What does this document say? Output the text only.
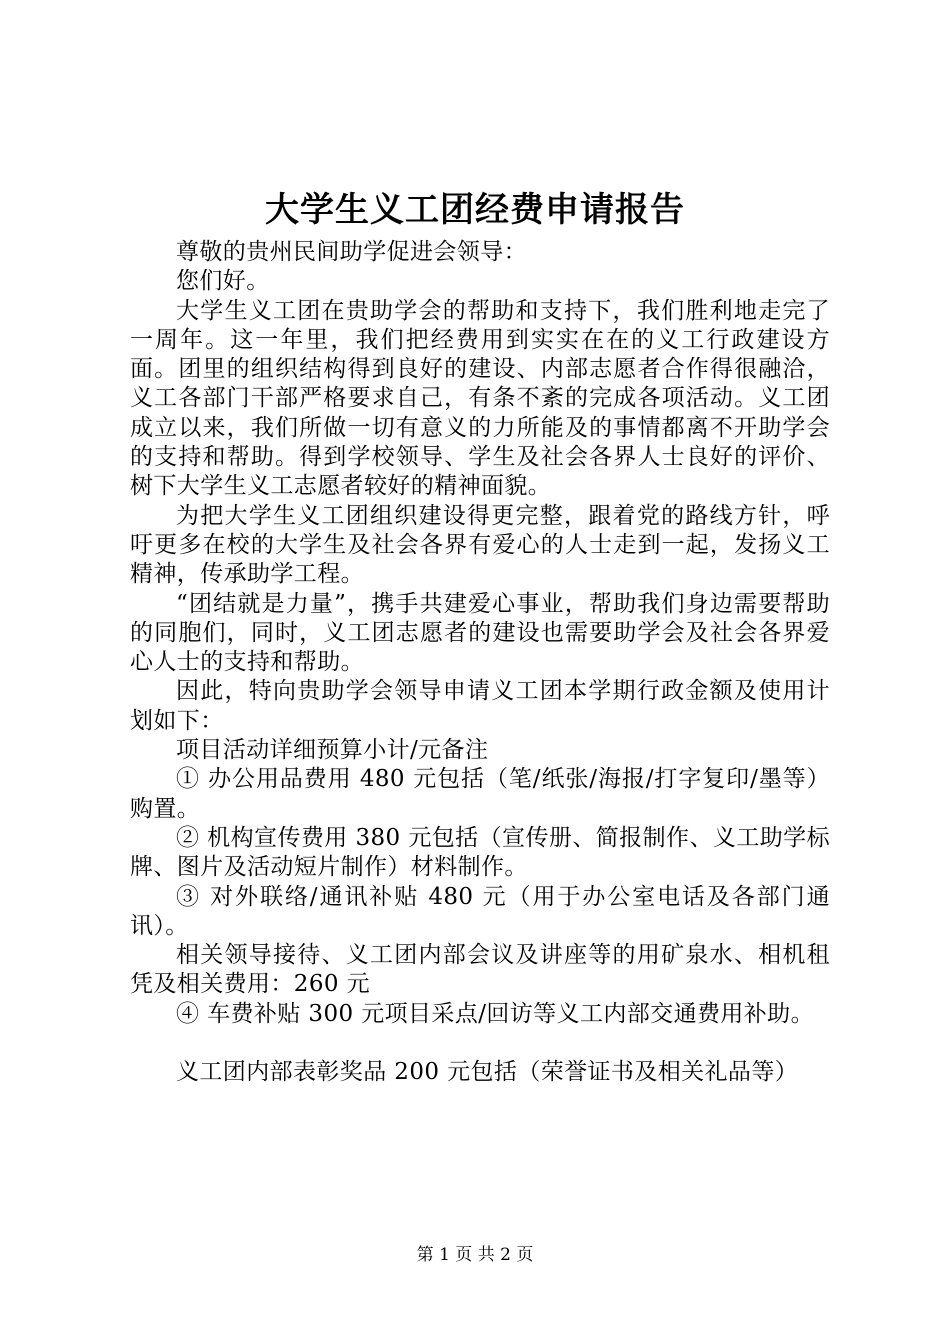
大学生义工团经费申请报告

尊敬的贵州民间助学促进会领导：

您们好。

大学生义工团在贵助学会的帮助和支持下，我们胜利地走完了一周年。这一年里，我们把经费用到实实在在的义工行政建设方面。团里的组织结构得到良好的建设、内部志愿者合作得很融洽，义工各部门干部严格要求自己，有条不紊的完成各项活动。义工团成立以来，我们所做一切有意义的力所能及的事情都离不开助学会的支持和帮助。得到学校领导、学生及社会各界人士良好的评价、树下大学生义工志愿者较好的精神面貌。

为把大学生义工团组织建设得更完整，跟着党的路线方针，呼吁更多在校的大学生及社会各界有爱心的人士走到一起，发扬义工精神，传承助学工程。

“团结就是力量”，携手共建爱心事业，帮助我们身边需要帮助的同胞们，同时，义工团志愿者的建设也需要助学会及社会各界爱心人士的支持和帮助。

因此，特向贵助学会领导申请义工团本学期行政金额及使用计划如下：

项目活动详细预算小计/元备注

① 办公用品费用 480 元包括（笔/纸张/海报/打字复印/墨等）购置。

② 机构宣传费用 380 元包括（宣传册、简报制作、义工助学标牌、图片及活动短片制作）材料制作。

③ 对外联络/通讯补贴 480 元（用于办公室电话及各部门通讯）。

相关领导接待、义工团内部会议及讲座等的用矿泉水、相机租凭及相关费用：260 元

④ 车费补贴 300 元项目采点/回访等义工内部交通费用补助。

义工团内部表彰奖品 200 元包括（荣誉证书及相关礼品等）

第 1 页 共 2 页
